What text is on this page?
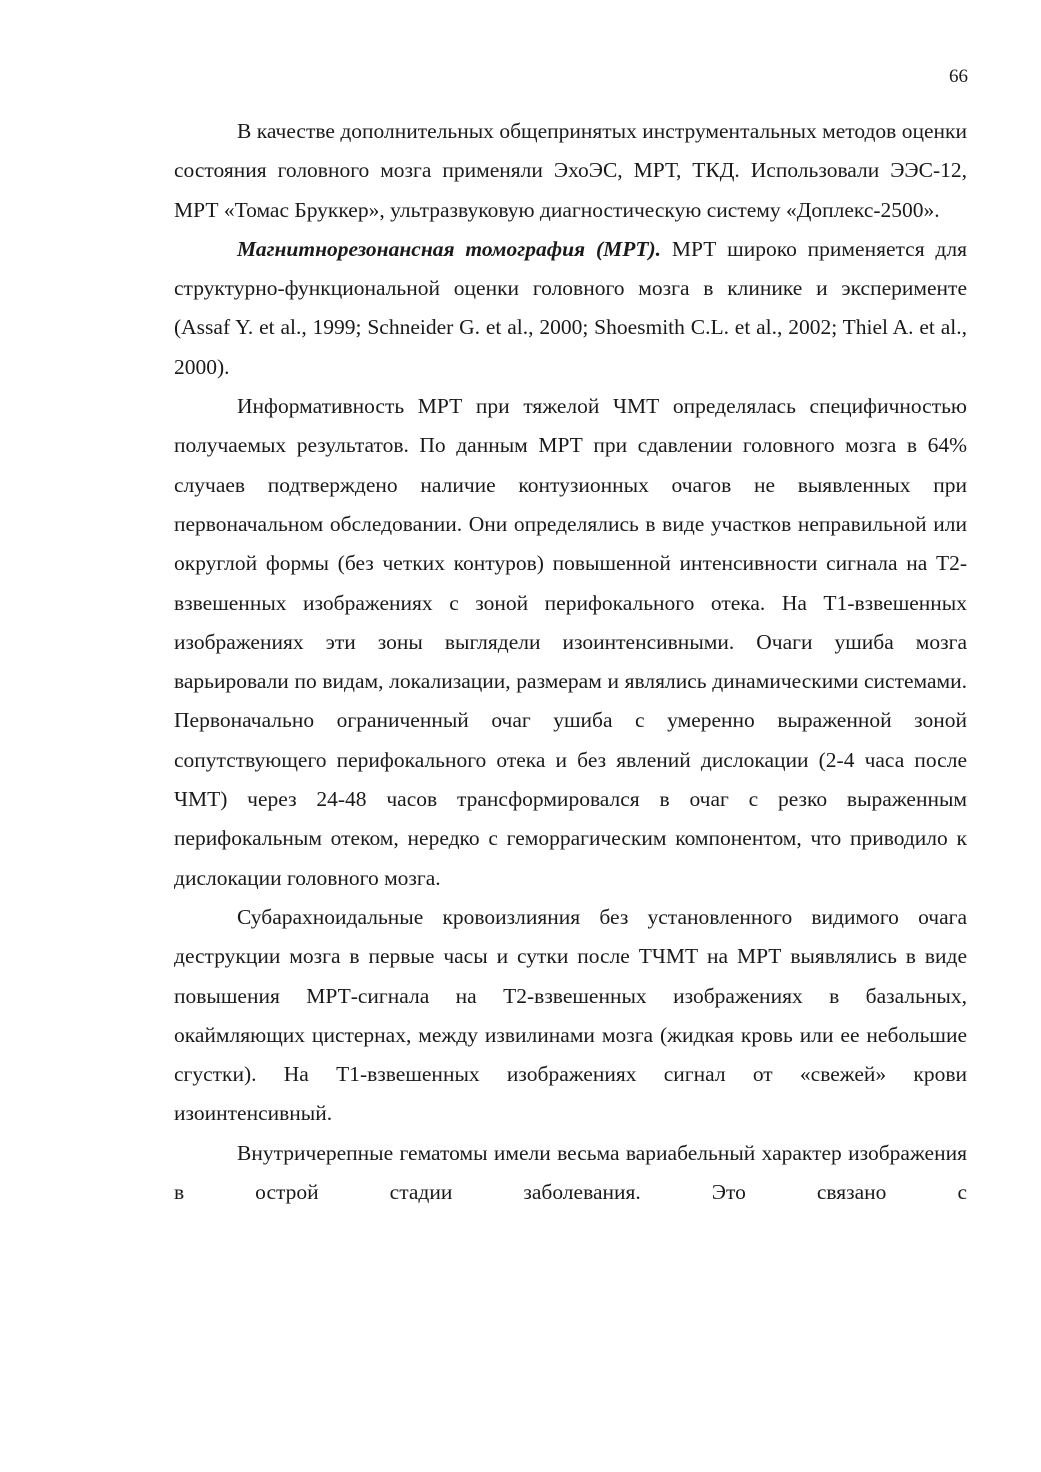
66

В качестве дополнительных общепринятых инструментальных методов оценки состояния головного мозга применяли ЭхоЭС, МРТ, ТКД. Использовали ЭЭС-12, МРТ «Томас Бруккер», ультразвуковую диагностическую систему «Доплекс-2500».

Магнитнорезонансная томография (МРТ). МРТ широко применяется для структурно-функциональной оценки головного мозга в клинике и эксперименте (Assaf Y. et al., 1999; Schneider G. et al., 2000; Shoesmith C.L. et al., 2002; Thiel A. et al., 2000).

Информативность МРТ при тяжелой ЧМТ определялась специфичностью получаемых результатов. По данным МРТ при сдавлении головного мозга в 64% случаев подтверждено наличие контузионных очагов не выявленных при первоначальном обследовании. Они определялись в виде участков неправильной или округлой формы (без четких контуров) повышенной интенсивности сигнала на Т2-взвешенных изображениях с зоной перифокального отека. На Т1-взвешенных изображениях эти зоны выглядели изоинтенсивными. Очаги ушиба мозга варьировали по видам, локализации, размерам и являлись динамическими системами. Первоначально ограниченный очаг ушиба с умеренно выраженной зоной сопутствующего перифокального отека и без явлений дислокации (2-4 часа после ЧМТ) через 24-48 часов трансформировался в очаг с резко выраженным перифокальным отеком, нередко с геморрагическим компонентом, что приводило к дислокации головного мозга.

Субарахноидальные кровоизлияния без установленного видимого очага деструкции мозга в первые часы и сутки после ТЧМТ на МРТ выявлялись в виде повышения МРТ-сигнала на Т2-взвешенных изображениях в базальных, окаймляющих цистернах, между извилинами мозга (жидкая кровь или ее небольшие сгустки). На Т1-взвешенных изображениях сигнал от «свежей» крови изоинтенсивный.

Внутричерепные гематомы имели весьма вариабельный характер изображения в острой стадии заболевания. Это связано с
